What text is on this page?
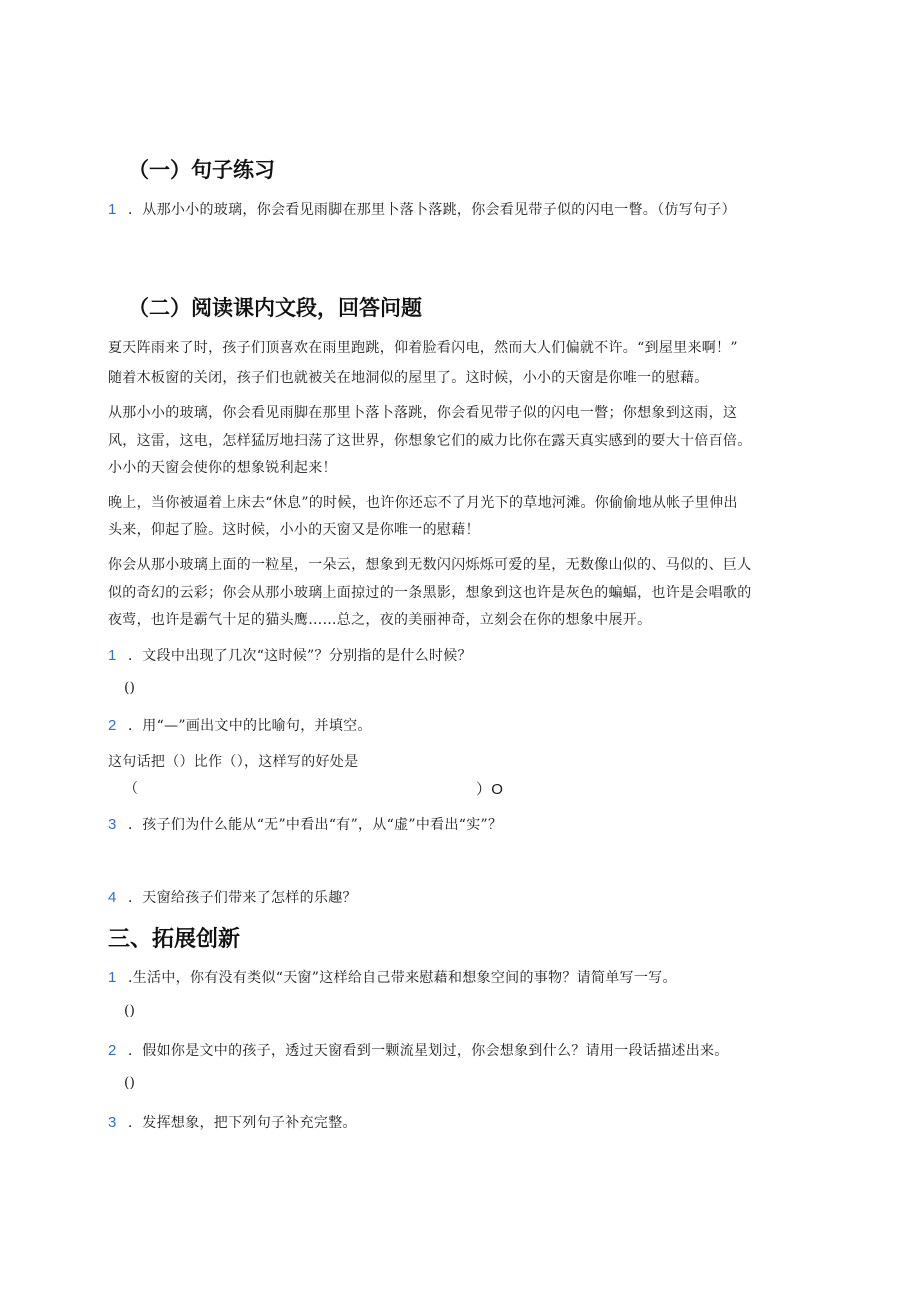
（一）句子练习
1 ．从那小小的玻璃，你会看见雨脚在那里卜落卜落跳，你会看见带子似的闪电一瞥。（仿写句子）
（二）阅读课内文段，回答问题
夏天阵雨来了时，孩子们顶喜欢在雨里跑跳，仰着脸看闪电，然而大人们偏就不许。“到屋里来啊！”
随着木板窗的关闭，孩子们也就被关在地洞似的屋里了。这时候，小小的天窗是你唯一的慰藉。
从那小小的玻璃，你会看见雨脚在那里卜落卜落跳，你会看见带子似的闪电一瞥；你想象到这雨，这
风，这雷，这电，怎样猛厉地扫荡了这世界，你想象它们的威力比你在露天真实感到的要大十倍百倍。
小小的天窗会使你的想象锐利起来！
晚上，当你被逼着上床去“休息”的时候，也许你还忘不了月光下的草地河滩。你偷偷地从帐子里伸出
头来，仰起了脸。这时候，小小的天窗又是你唯一的慰藉！
你会从那小玻璃上面的一粒星，一朵云，想象到无数闪闪烁烁可爱的星，无数像山似的、马似的、巨人
似的奇幻的云彩；你会从那小玻璃上面掠过的一条黑影，想象到这也许是灰色的蝙蝠，也许是会唱歌的
夜莺，也许是霸气十足的猫头鹰……总之，夜的美丽神奇，立刻会在你的想象中展开。
1 ．文段中出现了几次“这时候”？分别指的是什么时候？
()
2 ．用“—”画出文中的比喻句，并填空。
这句话把（）比作（），这样写的好处是
（	）O
3 ．孩子们为什么能从“无”中看出“有”，从“虚”中看出“实”？
4 ．天窗给孩子们带来了怎样的乐趣？
三、拓展创新
1 .生活中，你有没有类似“天窗”这样给自己带来慰藉和想象空间的事物？请简单写一写。
()
2 ．假如你是文中的孩子，透过天窗看到一颗流星划过，你会想象到什么？请用一段话描述出来。
()
3 ．发挥想象，把下列句子补充完整。
